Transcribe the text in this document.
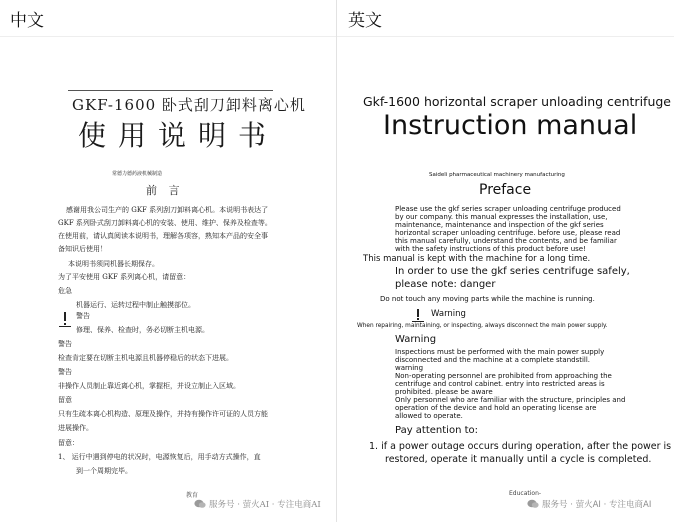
中文	英文
GKF-1600 卧式刮刀卸料离心机
使用说明书
常德力德药液机械制造
前 言
感谢用我公司生产的 GKF 系列刮刀卸料离心机。本说明书表达了
GKF 系列卧式刮刀卸料离心机的安装、使用、维护、保养及检查等。
在使用前，请认真阅读本说明书，理解各项容，熟知本产品的安全事
备知识后使用！
本说明书须同机器长期保存。
为了平安使用 GKF 系列离心机，请留意：
危急
机器运行、运转过程中制止触摸部位。
警告
修理、保养、检查时，务必切断主机电源。
警告
检查肯定要在切断主机电源且机器停稳后的状态下进展。
警告
非操作人员制止靠近离心机，掌握柜，并设立制止入区域。
留意
只有生疏本离心机构造、原理及操作，并持有操作许可证的人员方能
进展操作。
留意：
1、 运行中遇到停电的状况时，电源恢复后，用手动方式操作，直
到一个周期完毕。
教育
服务号 · 萤火AI · 专注电商AI
Gkf-1600 horizontal scraper unloading centrifuge
Instruction manual
Saideli pharmaceutical machinery manufacturing
Preface
Please use the gkf series scraper unloading centrifuge produced
by our company. this manual expresses the installation, use,
maintenance, maintenance and inspection of the gkf series
horizontal scraper unloading centrifuge. before use, please read
this manual carefully, understand the contents, and be familiar
with the safety instructions of this product before use!
This manual is kept with the machine for a long time.
In order to use the gkf series centrifuge safely,
please note: danger
Do not touch any moving parts while the machine is running.
Warning
When repairing, maintaining, or inspecting, always disconnect the main power supply.
Warning
Inspections must be performed with the main power supply
disconnected and the machine at a complete standstill.
warning
Non-operating personnel are prohibited from approaching the
centrifuge and control cabinet. entry into restricted areas is
prohibited. please be aware
Only personnel who are familiar with the structure, principles and
operation of the device and hold an operating license are
allowed to operate.
Pay attention to:
1. if a power outage occurs during operation, after the power is
restored, operate it manually until a cycle is completed.
Education-
服务号 · 萤火AI · 专注电商AI
